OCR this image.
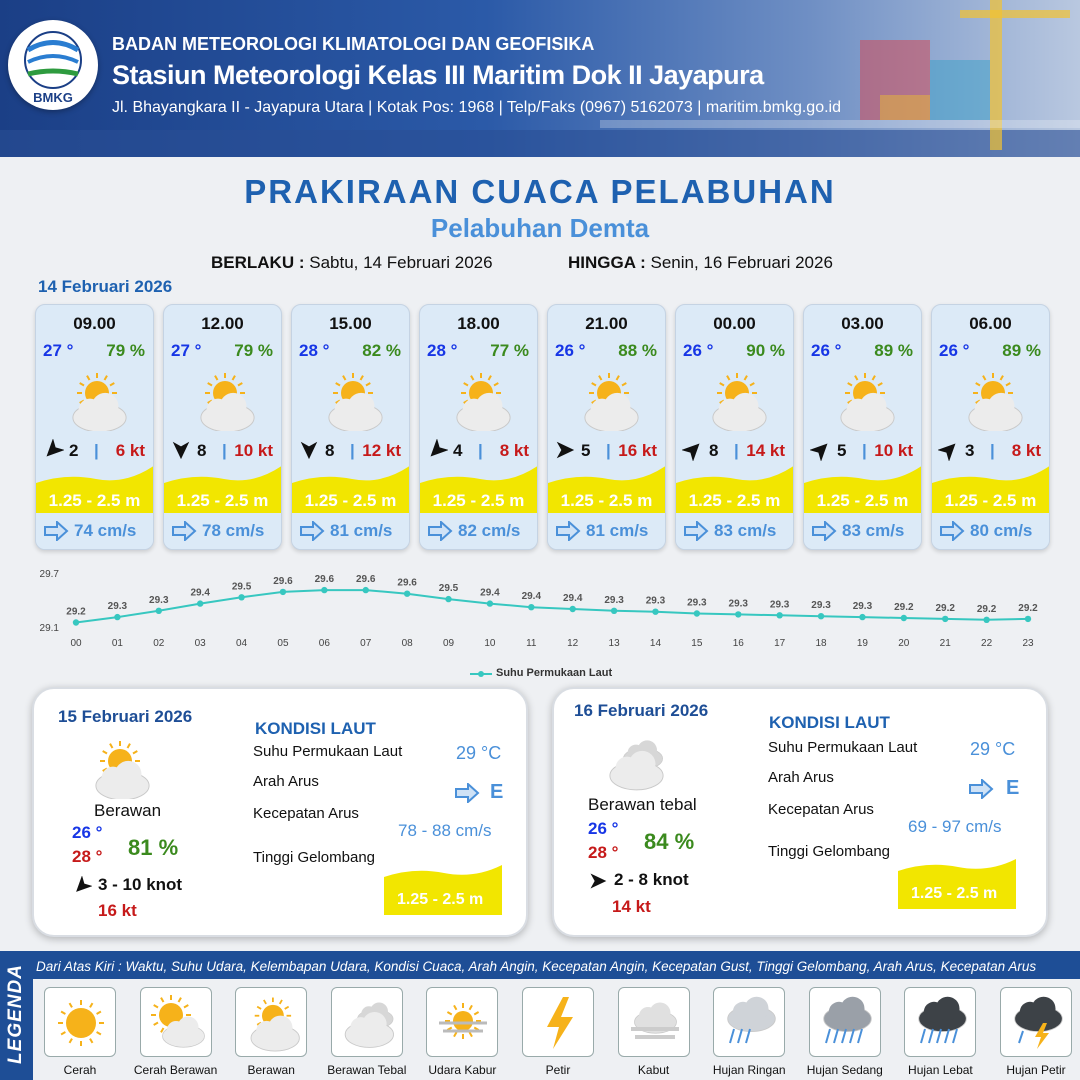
BMKG
BADAN METEOROLOGI KLIMATOLOGI DAN GEOFISIKA
Stasiun Meteorologi Kelas III Maritim Dok II Jayapura
Jl. Bhayangkara II - Jayapura Utara | Kotak Pos: 1968 | Telp/Faks (0967) 5162073 | maritim.bmkg.go.id
PRAKIRAAN CUACA PELABUHAN
Pelabuhan Demta
BERLAKU : Sabtu, 14 Februari 2026	HINGGA : Senin, 16 Februari 2026
14 Februari 2026
09.00
27 ° 79 %
2 | 6 kt
1.25 - 2.5 m
74 cm/s
12.00
27 ° 79 %
8 | 10 kt
1.25 - 2.5 m
78 cm/s
15.00
28 ° 82 %
8 | 12 kt
1.25 - 2.5 m
81 cm/s
18.00
28 ° 77 %
4 | 8 kt
1.25 - 2.5 m
82 cm/s
21.00
26 ° 88 %
5 | 16 kt
1.25 - 2.5 m
81 cm/s
00.00
26 ° 90 %
8 | 14 kt
1.25 - 2.5 m
83 cm/s
03.00
26 ° 89 %
5 | 10 kt
1.25 - 2.5 m
83 cm/s
06.00
26 ° 89 %
3 | 8 kt
1.25 - 2.5 m
80 cm/s
29.7
29.1
29.2
00
29.3
01
29.3
02
29.4
03
29.5
04
29.6
05
29.6
06
29.6
07
29.6
08
29.5
09
29.4
10
29.4
11
29.4
12
29.3
13
29.3
14
29.3
15
29.3
16
29.3
17
29.3
18
29.3
19
29.2
20
29.2
21
29.2
22
29.2
23
Suhu Permukaan Laut
15 Februari 2026
Berawan
26 °
28 ° 81 %
3 - 10 knot
16 kt
KONDISI LAUT
Suhu Permukaan Laut	29 °C
Arah Arus	E
Kecepatan Arus
78 - 88 cm/s
Tinggi Gelombang
1.25 - 2.5 m
16 Februari 2026
Berawan tebal
26 °
28 ° 84 %
2 - 8 knot
14 kt
KONDISI LAUT
Suhu Permukaan Laut	29 °C
Arah Arus	E
Kecepatan Arus
69 - 97 cm/s
Tinggi Gelombang
1.25 - 2.5 m
LEGENDA Dari Atas Kiri : Waktu, Suhu Udara, Kelembapan Udara, Kondisi Cuaca, Arah Angin, Kecepatan Angin, Kecepatan Gust, Tinggi Gelombang, Arah Arus, Kecepatan Arus
Cerah	Cerah Berawan	Berawan	Berawan Tebal	Udara Kabur	Petir	Kabut	Hujan Ringan	Hujan Sedang	Hujan Lebat	Hujan Petir
